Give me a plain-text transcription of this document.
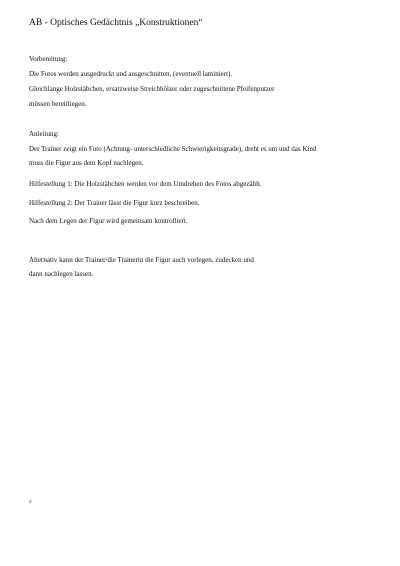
AB - Optisches Gedächtnis „Konstruktionen“

Vorbereitung:

Die Fotos werden ausgedruckt und ausgeschnitten, (eventuell laminiert).

Gleichlange Holzstäbchen, ersatzweise Streichhölzer oder zugeschnittene Pfeifenputzer

müssen bereitliegen.

Anleitung:

Der Trainer zeigt ein Foto (Achtung- unterschiedliche Schwierigkeitsgrade), dreht es um und das Kind

muss die Figur aus dem Kopf nachlegen.

Hilfestellung 1: Die Holzstäbchen werden vor dem Umdrehen des Fotos abgezählt.

Hilfestellung 2: Der Trainer lässt die Figur kurz beschreiben.

Nach dem Legen der Figur wird gemeinsam kontrolliert.

Alternativ kann der Trainer/die Trainerin die Figur auch vorlegen, zudecken und

dann nachlegen lassen.

d
